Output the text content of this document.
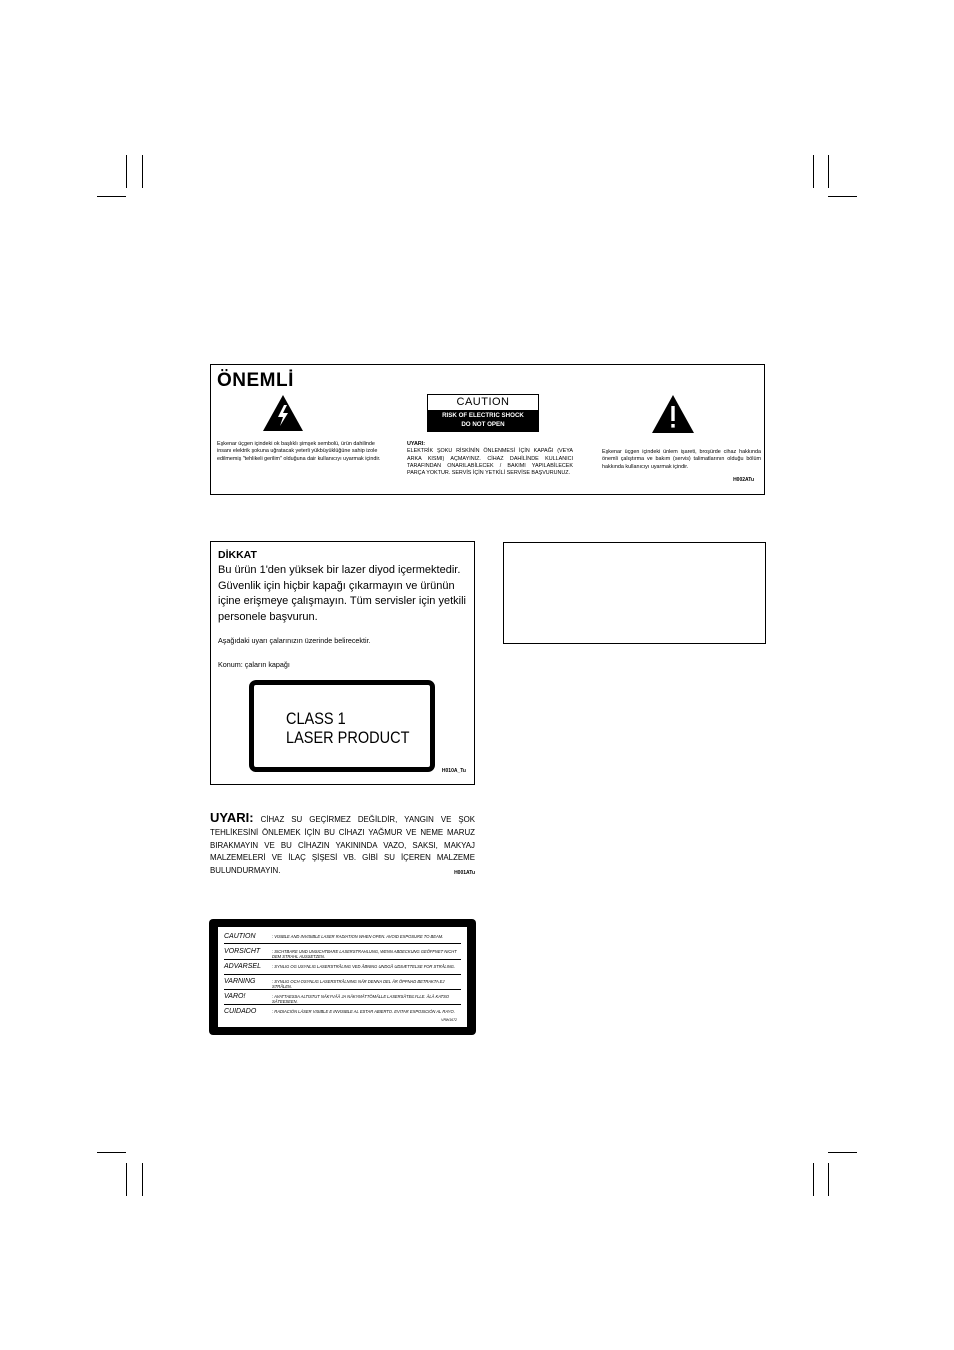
ÖNEMLİ
Eşkenar üçgen içindeki ok başlıklı şimşek sembolü, ürün dahilinde insanı elektrik şokuna uğratacak yeterli yükbüyüklüğüne sahip izole edilmemiş "tehlikeli gerilim" olduğuna dair kullanıcıyı uyarmak içindir.
CAUTION
RISK OF ELECTRIC SHOCK
DO NOT OPEN
UYARI:
ELEKTRİK ŞOKU RİSKİNİN ÖNLENMESİ İÇİN KAPAĞI (VEYA ARKA KISMI) AÇMAYINIZ. CİHAZ DAHİLİNDE KULLANICI TARAFINDAN ONARILABİLECEK / BAKIMI YAPILABİLECEK PARÇA YOKTUR. SERVİS İÇİN YETKİLİ SERVİSE BAŞVURUNUZ.
Eşkenar üçgen içindeki ünlem işareti, broşürde cihaz hakkında önemli çalıştırma ve bakım (servis) talimatlarının olduğu bölüm hakkında kullanıcıyı uyarmak içindir.
H002ATu
DİKKAT
Bu ürün 1'den yüksek bir lazer diyod içermektedir. Güvenlik için hiçbir kapağı çıkarmayın ve ürünün içine erişmeye çalışmayın. Tüm servisler için yetkili personele başvurun.
Aşağıdaki uyarı çalarınızın üzerinde belirecektir.
Konum: çaların kapağı
CLASS 1
LASER PRODUCT
H010A_Tu
UYARI: CİHAZ SU GEÇİRMEZ DEĞİLDİR, YANGIN VE ŞOK TEHLİKESİNİ ÖNLEMEK İÇİN BU CİHAZI YAĞMUR VE NEME MARUZ BIRAKMAYIN VE BU CİHAZIN YAKININDA VAZO, SAKSI, MAKYAJ MALZEMELERİ VE İLAÇ ŞİŞESİ VB. GİBİ SU İÇEREN MALZEME BULUNDURMAYIN.	H001ATu
CAUTION	: VISIBLE AND INVISIBLE LASER RADIATION WHEN OPEN. AVOID EXPOSURE TO BEAM.
VORSICHT	: SICHTBARE UND UNSICHTBARE LASERSTRAHLUNG, WENN ABDECKUNG GEÖFFNET NICHT DEM STRAHL AUSSETZEN.
ADVARSEL	: SYNLIG OG USYNLIG LASERSTRÅLING VED ÅBNING UNDGÅ UDSÆTTELSE FOR STRÅLING.
VARNING	: SYNLIG OCH OSYNLIG LASERSTRÅLNING NÄR DENNA DEL ÄR ÖPPNAD BETRAKTA EJ STRÅLEN.
VARO!	: AVATTAESSA ALTISTUT NÄKYVÄÄ JA NÄKYMÄTTÖMÄLLE LASERSÄTEILYLLE. ÄLÄ KATSO SÄTEESEEN.
CUIDADO	: RADIACIÓN LÁSER VISIBLE E INVISIBLE AL ESTAR ABIERTO. EVITAR EXPOSICIÓN AL RAYO.
VRW1672
